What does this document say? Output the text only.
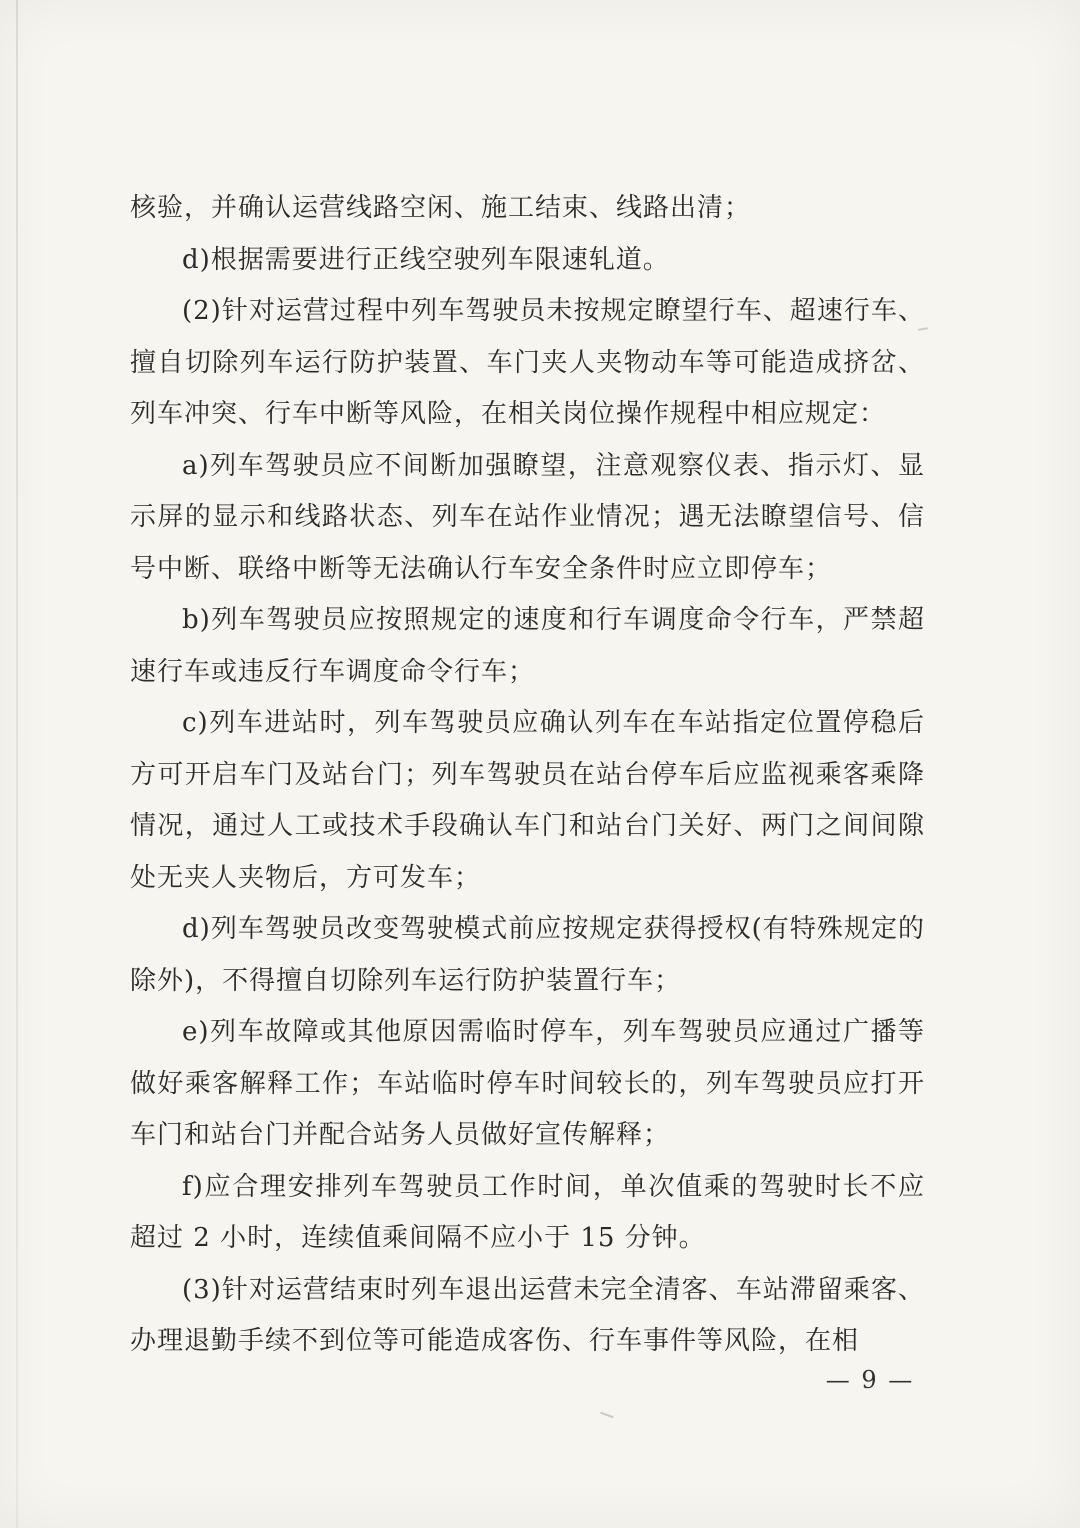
核验，并确认运营线路空闲、施工结束、线路出清；

d)根据需要进行正线空驶列车限速轧道。

(2)针对运营过程中列车驾驶员未按规定瞭望行车、超速行车、擅自切除列车运行防护装置、车门夹人夹物动车等可能造成挤岔、列车冲突、行车中断等风险，在相关岗位操作规程中相应规定：

a)列车驾驶员应不间断加强瞭望，注意观察仪表、指示灯、显示屏的显示和线路状态、列车在站作业情况；遇无法瞭望信号、信号中断、联络中断等无法确认行车安全条件时应立即停车；

b)列车驾驶员应按照规定的速度和行车调度命令行车，严禁超速行车或违反行车调度命令行车；

c)列车进站时，列车驾驶员应确认列车在车站指定位置停稳后方可开启车门及站台门；列车驾驶员在站台停车后应监视乘客乘降情况，通过人工或技术手段确认车门和站台门关好、两门之间间隙处无夹人夹物后，方可发车；

d)列车驾驶员改变驾驶模式前应按规定获得授权(有特殊规定的除外)，不得擅自切除列车运行防护装置行车；

e)列车故障或其他原因需临时停车，列车驾驶员应通过广播等做好乘客解释工作；车站临时停车时间较长的，列车驾驶员应打开车门和站台门并配合站务人员做好宣传解释；

f)应合理安排列车驾驶员工作时间，单次值乘的驾驶时长不应超过 2 小时，连续值乘间隔不应小于 15 分钟。

(3)针对运营结束时列车退出运营未完全清客、车站滞留乘客、办理退勤手续不到位等可能造成客伤、行车事件等风险，在相

— 9 —
